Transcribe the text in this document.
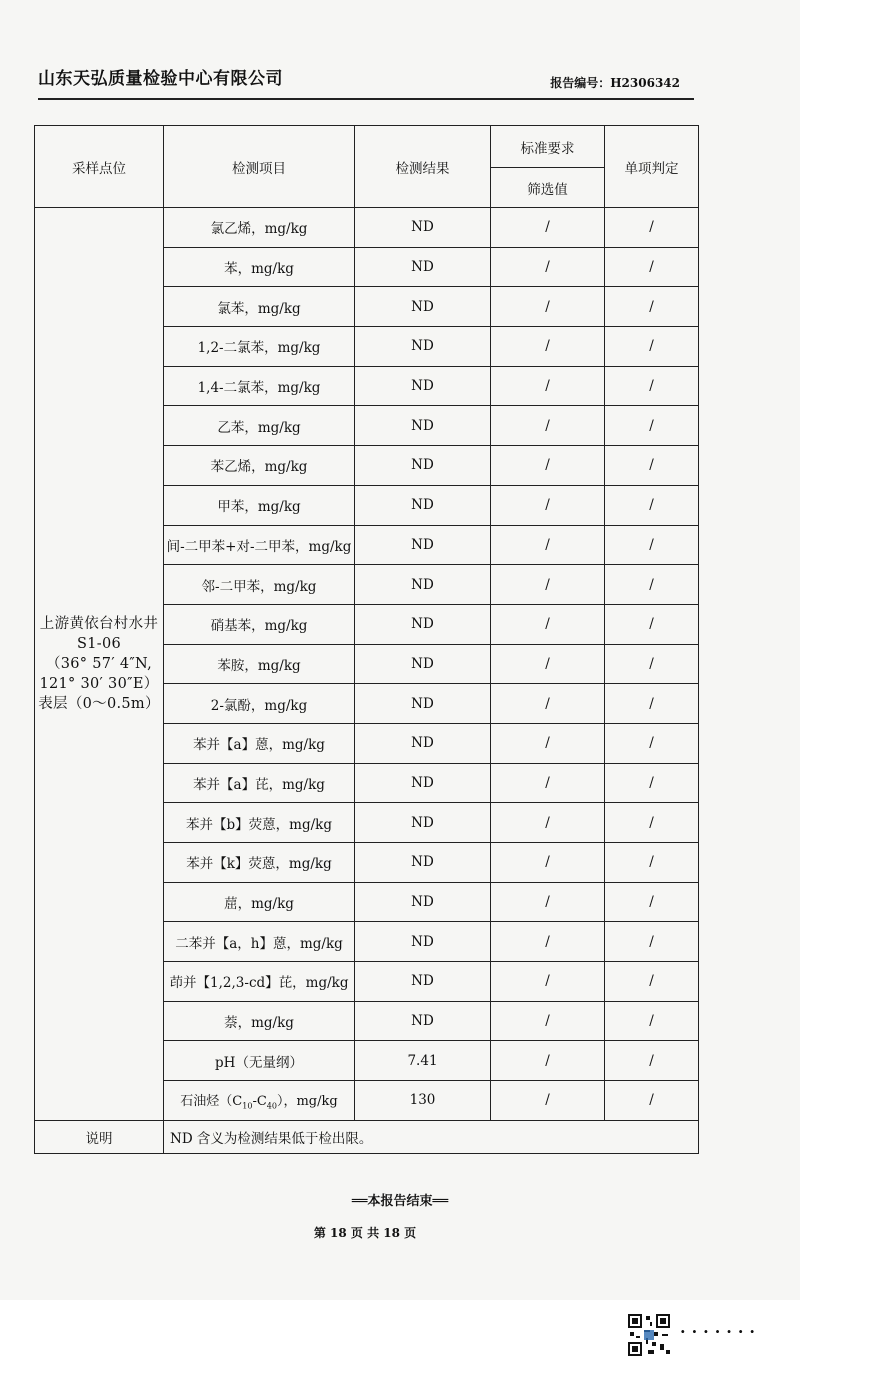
山东天弘质量检验中心有限公司	报告编号：H2306342
采样点位	检测项目	检测结果	标准要求	单项判定
			筛选值	

上游黄依台村水井
S1-06
（36° 57′ 4″N,
121° 30′ 30″E）
表层（0～0.5m）	氯乙烯，mg/kg	ND	/	/
	苯，mg/kg	ND	/	/
	氯苯，mg/kg	ND	/	/
	1,2-二氯苯，mg/kg	ND	/	/
	1,4-二氯苯，mg/kg	ND	/	/
	乙苯，mg/kg	ND	/	/
	苯乙烯，mg/kg	ND	/	/
	甲苯，mg/kg	ND	/	/
	间-二甲苯+对-二甲苯，mg/kg	ND	/	/
	邻-二甲苯，mg/kg	ND	/	/
	硝基苯，mg/kg	ND	/	/
	苯胺，mg/kg	ND	/	/
	2-氯酚，mg/kg	ND	/	/
	苯并【a】蒽，mg/kg	ND	/	/
	苯并【a】芘，mg/kg	ND	/	/
	苯并【b】荧蒽，mg/kg	ND	/	/
	苯并【k】荧蒽，mg/kg	ND	/	/
	䓛，mg/kg	ND	/	/
	二苯并【a，h】蒽，mg/kg	ND	/	/
	茚并【1,2,3-cd】芘，mg/kg	ND	/	/
	萘，mg/kg	ND	/	/
	pH（无量纲）	7.41	/	/
	石油烃$(C_{10}-C_{40})$，mg/kg	130	/	/
说明	ND 含义为检测结果低于检出限。			
══本报告结束══
第 18 页 共 18 页
·······
